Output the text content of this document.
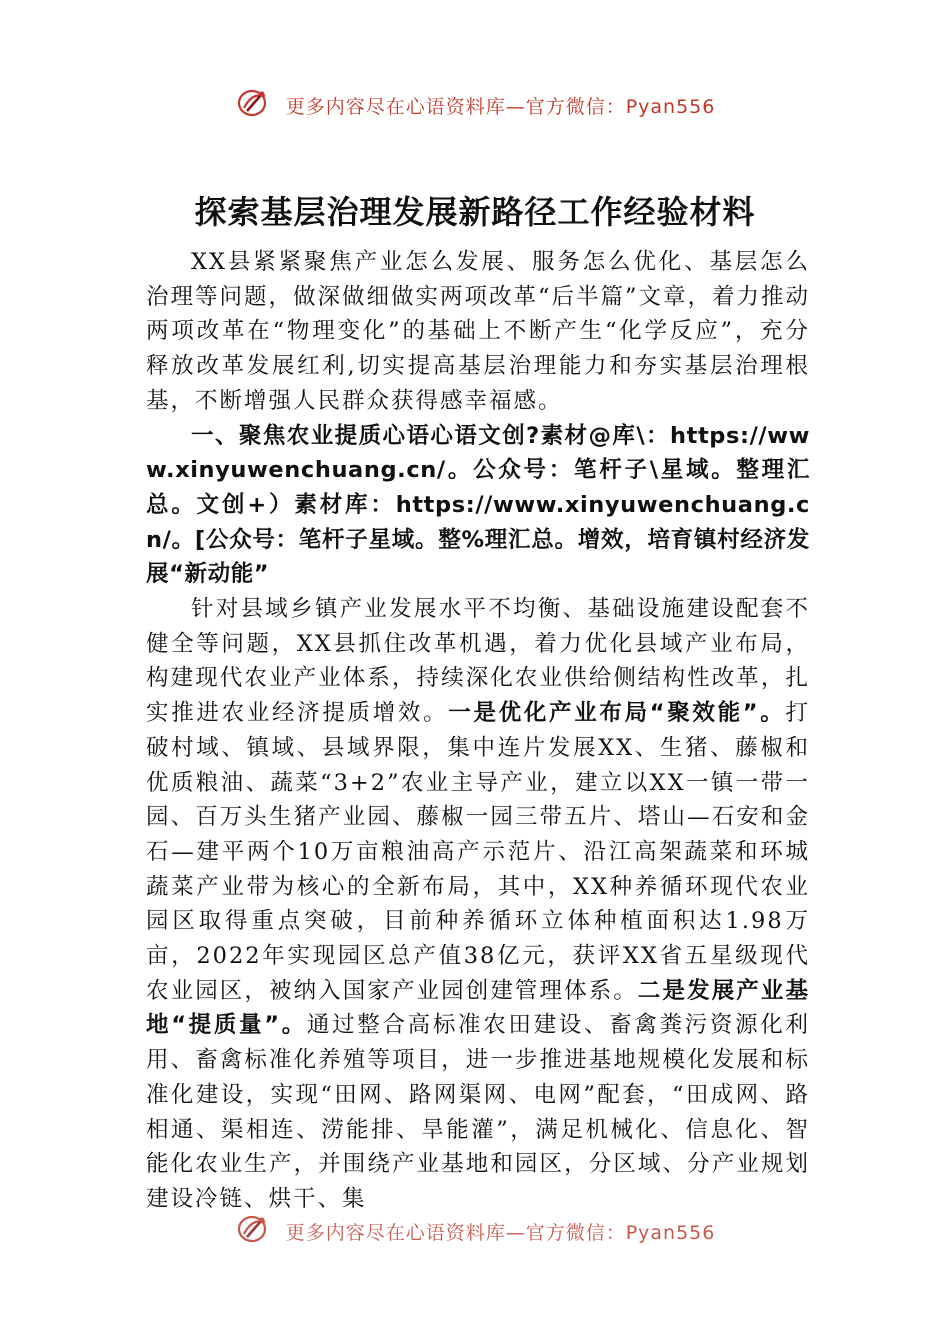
更多内容尽在心语资料库—官方微信：Pyan556
探索基层治理发展新路径工作经验材料

XX县紧紧聚焦产业怎么发展、服务怎么优化、基层怎么治理等问题，做深做细做实两项改革“后半篇”文章，着力推动两项改革在“物理变化”的基础上不断产生“化学反应”，充分释放改革发展红利,切实提高基层治理能力和夯实基层治理根基，不断增强人民群众获得感幸福感。

一、聚焦农业提质心语心语文创?素材@库\：https://www.xinyuwenchuang.cn/。公众号：笔杆子\星域。整理汇总。文创+）素材库：https://www.xinyuwenchuang.cn/。[公众号：笔杆子星域。整%理汇总。增效，培育镇村经济发展“新动能”

针对县域乡镇产业发展水平不均衡、基础设施建设配套不健全等问题，XX县抓住改革机遇，着力优化县域产业布局，构建现代农业产业体系，持续深化农业供给侧结构性改革，扎实推进农业经济提质增效。一是优化产业布局“聚效能”。打破村域、镇域、县域界限，集中连片发展XX、生猪、藤椒和优质粮油、蔬菜“3+2”农业主导产业，建立以XX一镇一带一园、百万头生猪产业园、藤椒一园三带五片、塔山—石安和金石—建平两个10万亩粮油高产示范片、沿江高架蔬菜和环城蔬菜产业带为核心的全新布局，其中，XX种养循环现代农业园区取得重点突破，目前种养循环立体种植面积达1.98万亩，2022年实现园区总产值38亿元，获评XX省五星级现代农业园区，被纳入国家产业园创建管理体系。二是发展产业基地“提质量”。通过整合高标准农田建设、畜禽粪污资源化利用、畜禽标准化养殖等项目，进一步推进基地规模化发展和标准化建设，实现“田网、路网渠网、电网”配套，“田成网、路相通、渠相连、涝能排、旱能灌”，满足机械化、信息化、智能化农业生产，并围绕产业基地和园区，分区域、分产业规划建设冷链、烘干、集

更多内容尽在心语资料库—官方微信：Pyan556
